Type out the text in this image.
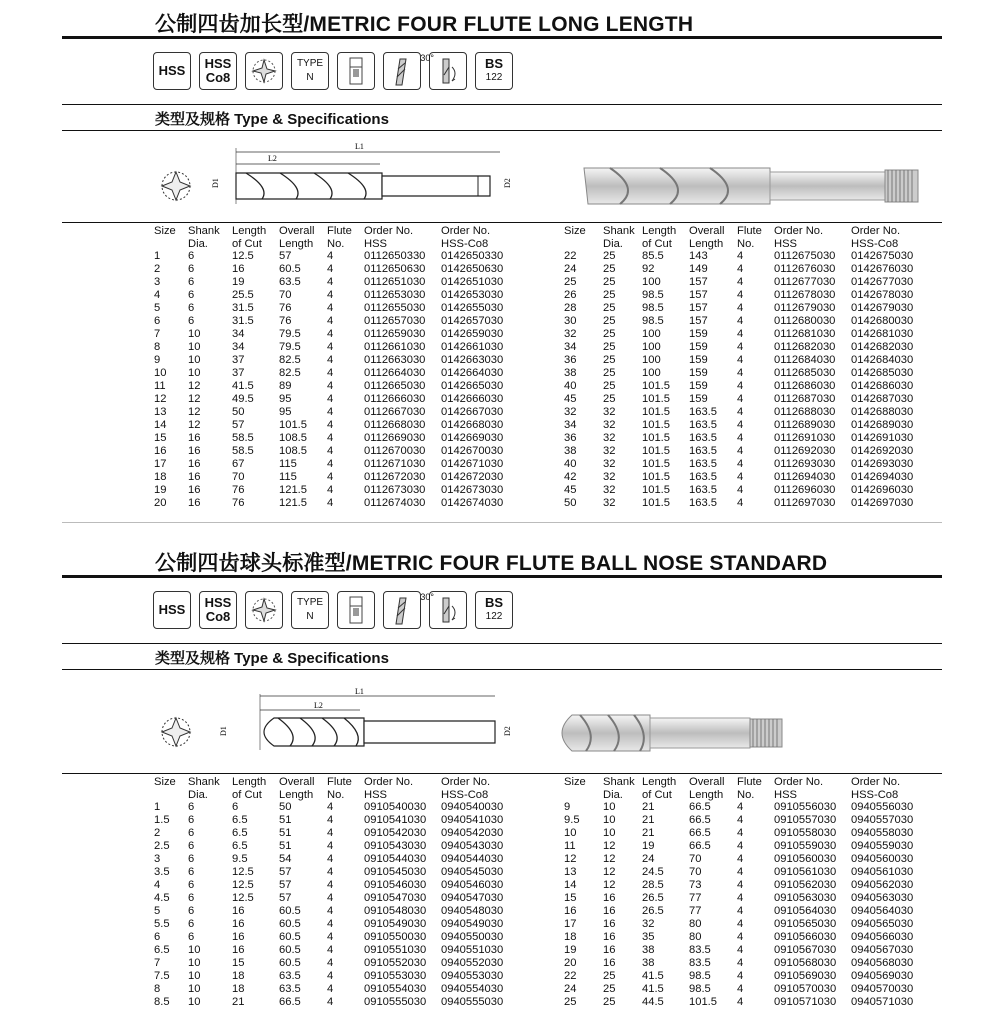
公制四齿加长型/METRIC FOUR FLUTE LONG LENGTH
HSS HSS
Co8
TYPE
N
30°	BS
122
类型及规格 Type & Specifications
L1
L2
D1	D2
Size	Shank	Length	Overall	Flute	Order No.	Order No.
	Dia.	of Cut	Length	No.	HSS	HSS-Co8
1	6	12.5	57	4	0112650330	0142650330
2	6	16	60.5	4	0112650630	0142650630
3	6	19	63.5	4	0112651030	0142651030
4	6	25.5	70	4	0112653030	0142653030
5	6	31.5	76	4	0112655030	0142655030
6	6	31.5	76	4	0112657030	0142657030
7	10	34	79.5	4	0112659030	0142659030
8	10	34	79.5	4	0112661030	0142661030
9	10	37	82.5	4	0112663030	0142663030
10	10	37	82.5	4	0112664030	0142664030
11	12	41.5	89	4	0112665030	0142665030
12	12	49.5	95	4	0112666030	0142666030
13	12	50	95	4	0112667030	0142667030
14	12	57	101.5	4	0112668030	0142668030
15	16	58.5	108.5	4	0112669030	0142669030
16	16	58.5	108.5	4	0112670030	0142670030
17	16	67	115	4	0112671030	0142671030
18	16	70	115	4	0112672030	0142672030
19	16	76	121.5	4	0112673030	0142673030
20	16	76	121.5	4	0112674030	0142674030
Size	Shank	Length	Overall	Flute	Order No.	Order No.
	Dia.	of Cut	Length	No.	HSS	HSS-Co8
22	25	85.5	143	4	0112675030	0142675030
24	25	92	149	4	0112676030	0142676030
25	25	100	157	4	0112677030	0142677030
26	25	98.5	157	4	0112678030	0142678030
28	25	98.5	157	4	0112679030	0142679030
30	25	98.5	157	4	0112680030	0142680030
32	25	100	159	4	0112681030	0142681030
34	25	100	159	4	0112682030	0142682030
36	25	100	159	4	0112684030	0142684030
38	25	100	159	4	0112685030	0142685030
40	25	101.5	159	4	0112686030	0142686030
45	25	101.5	159	4	0112687030	0142687030
32	32	101.5	163.5	4	0112688030	0142688030
34	32	101.5	163.5	4	0112689030	0142689030
36	32	101.5	163.5	4	0112691030	0142691030
38	32	101.5	163.5	4	0112692030	0142692030
40	32	101.5	163.5	4	0112693030	0142693030
42	32	101.5	163.5	4	0112694030	0142694030
45	32	101.5	163.5	4	0112696030	0142696030
50	32	101.5	163.5	4	0112697030	0142697030
公制四齿球头标准型/METRIC FOUR FLUTE BALL NOSE STANDARD
HSS HSS
Co8
TYPE
N
30°	BS
122
类型及规格 Type & Specifications
L1
L2
D1	D2
Size	Shank	Length	Overall	Flute	Order No.	Order No.
	Dia.	of Cut	Length	No.	HSS	HSS-Co8
1	6	6	50	4	0910540030	0940540030
1.5	6	6.5	51	4	0910541030	0940541030
2	6	6.5	51	4	0910542030	0940542030
2.5	6	6.5	51	4	0910543030	0940543030
3	6	9.5	54	4	0910544030	0940544030
3.5	6	12.5	57	4	0910545030	0940545030
4	6	12.5	57	4	0910546030	0940546030
4.5	6	12.5	57	4	0910547030	0940547030
5	6	16	60.5	4	0910548030	0940548030
5.5	6	16	60.5	4	0910549030	0940549030
6	6	16	60.5	4	0910550030	0940550030
6.5	10	16	60.5	4	0910551030	0940551030
7	10	15	60.5	4	0910552030	0940552030
7.5	10	18	63.5	4	0910553030	0940553030
8	10	18	63.5	4	0910554030	0940554030
8.5	10	21	66.5	4	0910555030	0940555030
Size	Shank	Length	Overall	Flute	Order No.	Order No.
	Dia.	of Cut	Length	No.	HSS	HSS-Co8
9	10	21	66.5	4	0910556030	0940556030
9.5	10	21	66.5	4	0910557030	0940557030
10	10	21	66.5	4	0910558030	0940558030
11	12	19	66.5	4	0910559030	0940559030
12	12	24	70	4	0910560030	0940560030
13	12	24.5	70	4	0910561030	0940561030
14	12	28.5	73	4	0910562030	0940562030
15	16	26.5	77	4	0910563030	0940563030
16	16	26.5	77	4	0910564030	0940564030
17	16	32	80	4	0910565030	0940565030
18	16	35	80	4	0910566030	0940566030
19	16	38	83.5	4	0910567030	0940567030
20	16	38	83.5	4	0910568030	0940568030
22	25	41.5	98.5	4	0910569030	0940569030
24	25	41.5	98.5	4	0910570030	0940570030
25	25	44.5	101.5	4	0910571030	0940571030
